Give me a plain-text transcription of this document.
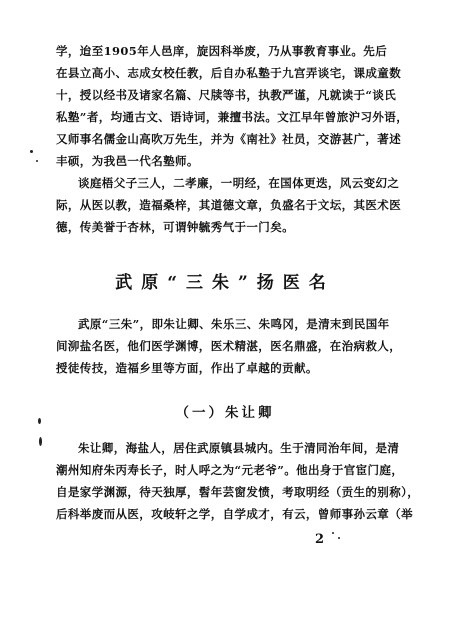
学，迨至1905年人邑庠，旋因科举废，乃从事教育事业。先后
在县立高小、志成女校任教，后自办私塾于九宫弄谈宅，课成童数
十，授以经书及诸家名篇、尺牍等书，执教严谨，凡就读于“谈氏
私塾”者，均通古文、语诗词，兼擅书法。文江早年曾旅沪习外语，
又师事名儒金山高吹万先生，并为《南社》社员，交游甚广，著述
丰硕，为我邑一代名塾师。
谈庭梧父子三人，二孝廉，一明经，在国体更迭，风云变幻之
际，从医以教，造福桑梓，其道德文章，负盛名于文坛，其医术医
德，传美誉于杏林，可谓钟毓秀气于一门矣。
武原“三朱”扬医名
武原“三朱”，即朱让卿、朱乐三、朱鸣冈，是清末到民国年
间泖盐名医，他们医学渊博，医术精湛，医名鼎盛，在治病救人，
授徒传技，造福乡里等方面，作出了卓越的贡献。
（一）朱让卿
朱让卿，海盐人，居住武原镇县城内。生于清同治年间，是清
潮州知府朱丙寿长子，时人呼之为“元老爷”。他出身于官宦门庭，
自是家学渊源，待天独厚，髫年芸窗发愤，考取明经（贡生的别称），
后科举废而从医，攻岐轩之学，自学成才，有云，曾师事孙云章（举
2
